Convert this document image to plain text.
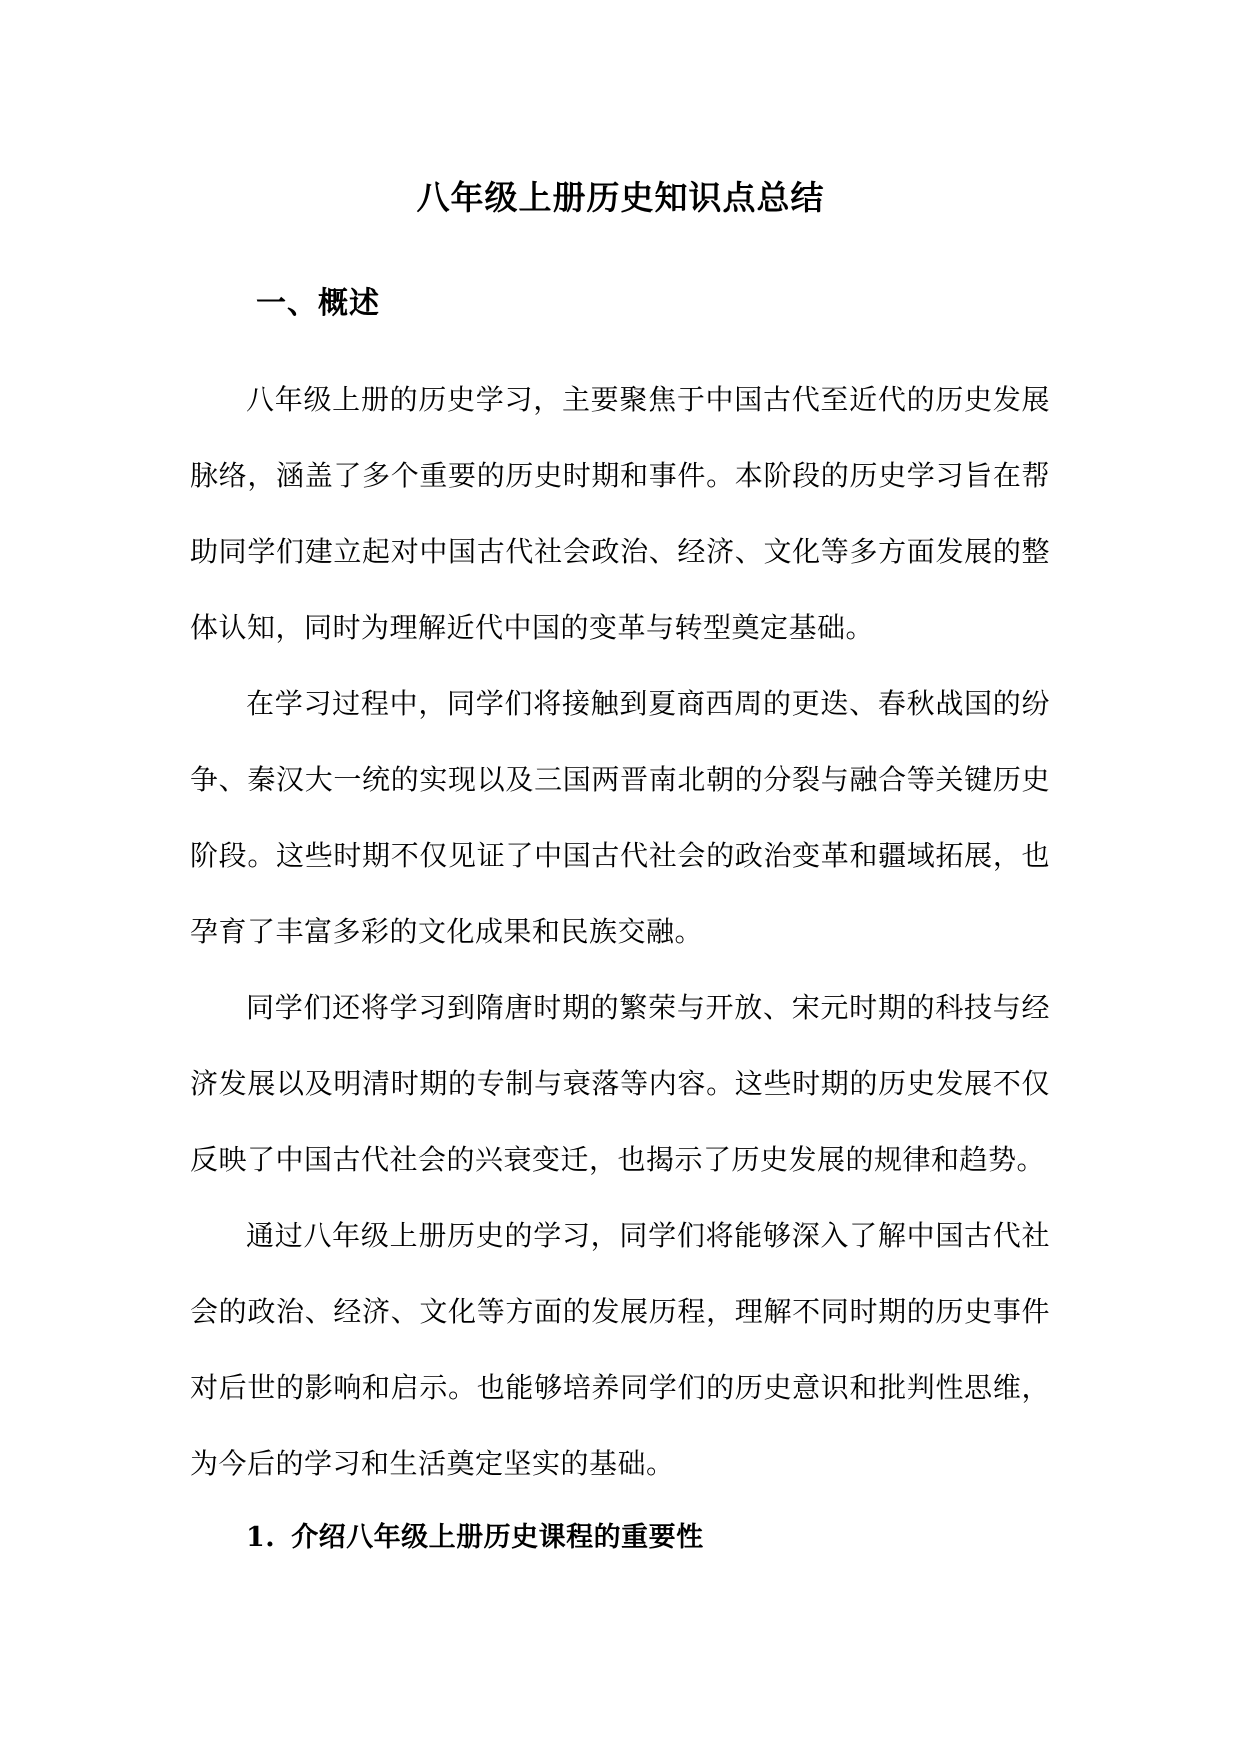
八年级上册历史知识点总结
一、概述

八年级上册的历史学习，主要聚焦于中国古代至近代的历史发展脉络，涵盖了多个重要的历史时期和事件。本阶段的历史学习旨在帮助同学们建立起对中国古代社会政治、经济、文化等多方面发展的整体认知，同时为理解近代中国的变革与转型奠定基础。

在学习过程中，同学们将接触到夏商西周的更迭、春秋战国的纷争、秦汉大一统的实现以及三国两晋南北朝的分裂与融合等关键历史阶段。这些时期不仅见证了中国古代社会的政治变革和疆域拓展，也孕育了丰富多彩的文化成果和民族交融。

同学们还将学习到隋唐时期的繁荣与开放、宋元时期的科技与经济发展以及明清时期的专制与衰落等内容。这些时期的历史发展不仅反映了中国古代社会的兴衰变迁，也揭示了历史发展的规律和趋势。

通过八年级上册历史的学习，同学们将能够深入了解中国古代社会的政治、经济、文化等方面的发展历程，理解不同时期的历史事件对后世的影响和启示。也能够培养同学们的历史意识和批判性思维，为今后的学习和生活奠定坚实的基础。

1. 介绍八年级上册历史课程的重要性
